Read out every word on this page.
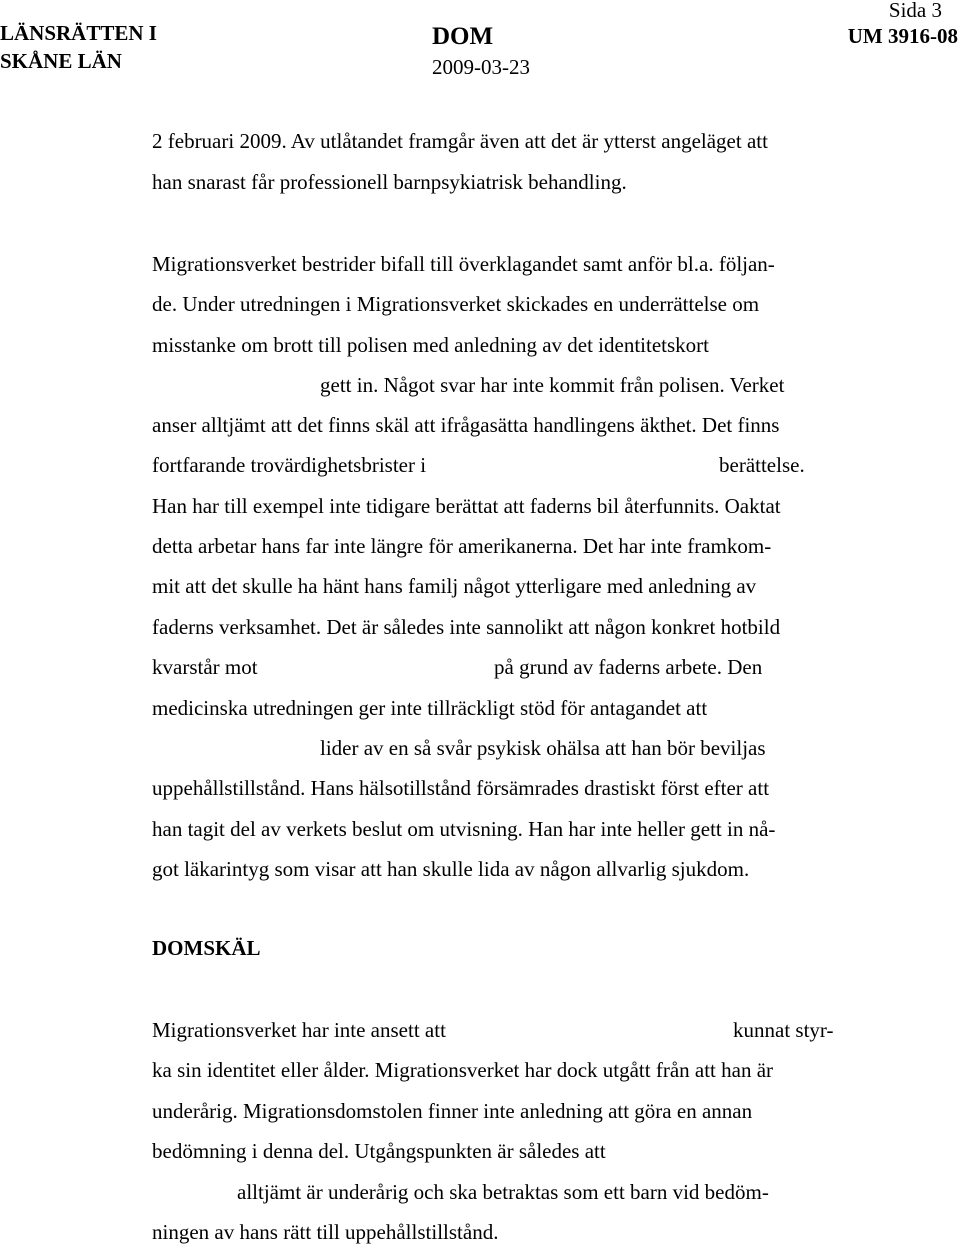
LÄNSRÄTTEN I
SKÅNE LÄN
DOM
2009-03-23
Sida 3
UM 3916-08
2 februari 2009. Av utlåtandet framgår även att det är ytterst angeläget att
han snarast får professionell barnpsykiatrisk behandling.
Migrationsverket bestrider bifall till överklagandet samt anför bl.a. följan-
de. Under utredningen i Migrationsverket skickades en underrättelse om
misstanke om brott till polisen med anledning av det identitetskort
gett in. Något svar har inte kommit från polisen. Verket
anser alltjämt att det finns skäl att ifrågasätta handlingens äkthet. Det finns
fortfarande trovärdighetsbrister i	berättelse.
Han har till exempel inte tidigare berättat att faderns bil återfunnits. Oaktat
detta arbetar hans far inte längre för amerikanerna. Det har inte framkom-
mit att det skulle ha hänt hans familj något ytterligare med anledning av
faderns verksamhet. Det är således inte sannolikt att någon konkret hotbild
kvarstår mot	på grund av faderns arbete. Den
medicinska utredningen ger inte tillräckligt stöd för antagandet att
lider av en så svår psykisk ohälsa att han bör beviljas
uppehållstillstånd. Hans hälsotillstånd försämrades drastiskt först efter att
han tagit del av verkets beslut om utvisning. Han har inte heller gett in nå-
got läkarintyg som visar att han skulle lida av någon allvarlig sjukdom.
DOMSKÄL
Migrationsverket har inte ansett att	kunnat styr-
ka sin identitet eller ålder. Migrationsverket har dock utgått från att han är
underårig. Migrationsdomstolen finner inte anledning att göra en annan
bedömning i denna del. Utgångspunkten är således att
alltjämt är underårig och ska betraktas som ett barn vid bedöm-
ningen av hans rätt till uppehållstillstånd.
